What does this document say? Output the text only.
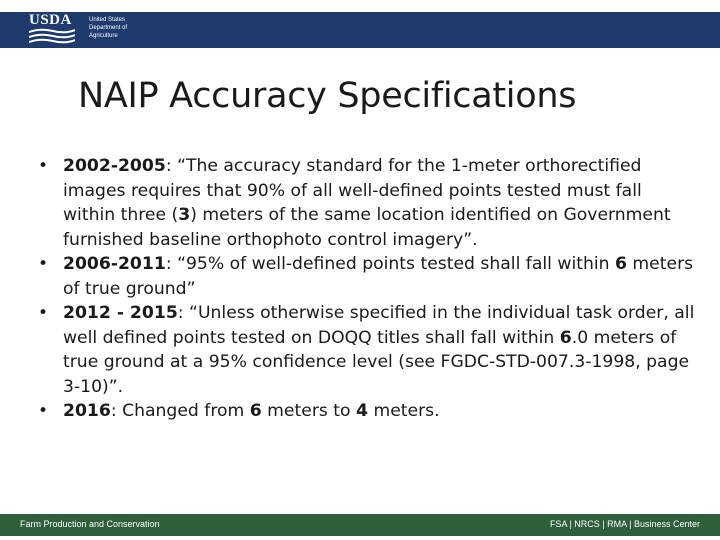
USDA	United States
Department of
Agriculture
NAIP Accuracy Specifications
• 2002-2005: “The accuracy standard for the 1-meter orthorectified images requires that 90% of all well-defined points tested must fall within three (3) meters of the same location identified on Government furnished baseline orthophoto control imagery”.
• 2006-2011: “95% of well-defined points tested shall fall within 6 meters of true ground”
• 2012 - 2015: “Unless otherwise specified in the individual task order, all well defined points tested on DOQQ titles shall fall within 6.0 meters of true ground at a 95% confidence level (see FGDC-STD-007.3-1998, page 3-10)”.
• 2016: Changed from 6 meters to 4 meters.
Farm Production and Conservation	FSA | NRCS | RMA | Business Center
